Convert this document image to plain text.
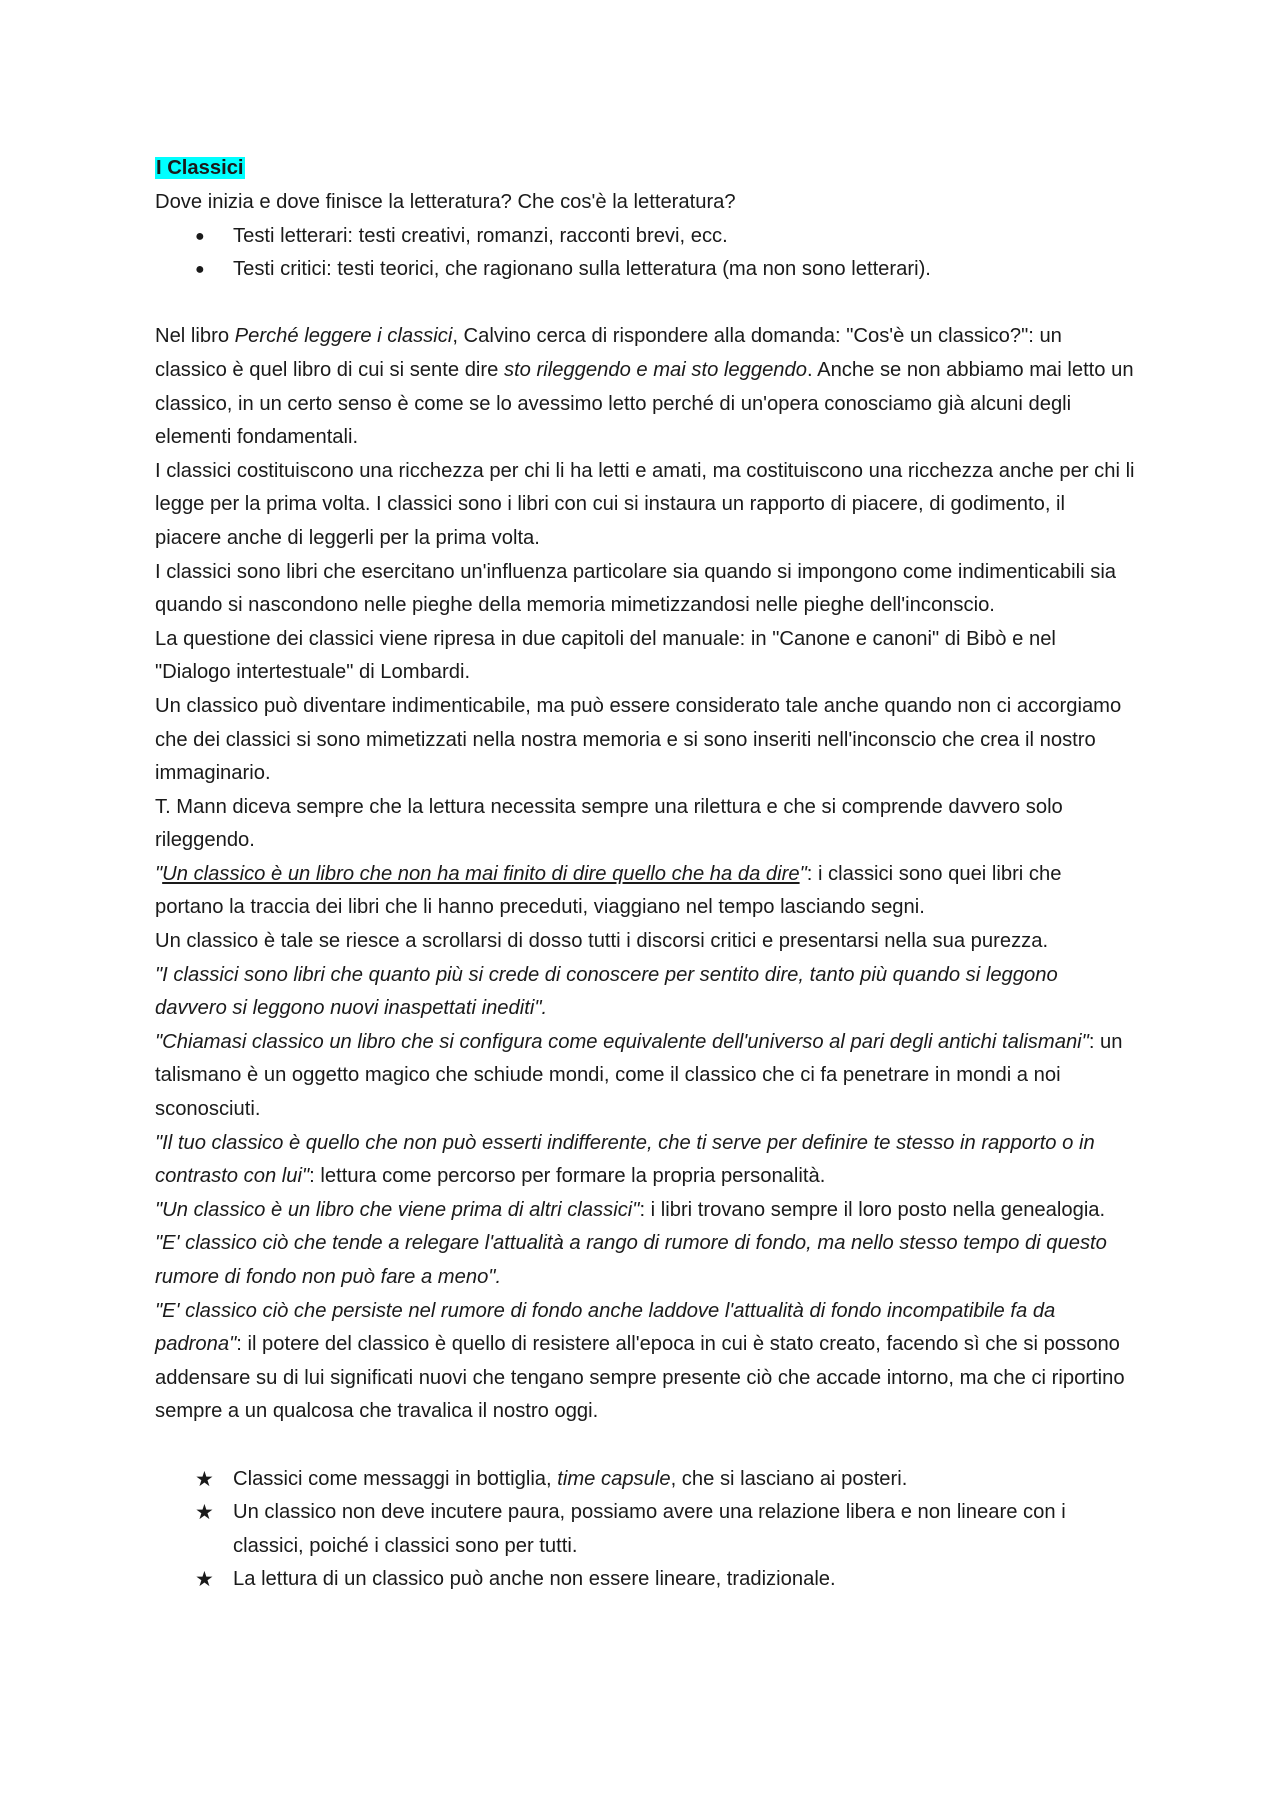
I Classici

Dove inizia e dove finisce la letteratura? Che cos'è la letteratura?

● Testi letterari: testi creativi, romanzi, racconti brevi, ecc.
● Testi critici: testi teorici, che ragionano sulla letteratura (ma non sono letterari).

Nel libro Perché leggere i classici, Calvino cerca di rispondere alla domanda: "Cos'è un classico?": un classico è quel libro di cui si sente dire sto rileggendo e mai sto leggendo. Anche se non abbiamo mai letto un classico, in un certo senso è come se lo avessimo letto perché di un'opera conosciamo già alcuni degli elementi fondamentali.

I classici costituiscono una ricchezza per chi li ha letti e amati, ma costituiscono una ricchezza anche per chi li legge per la prima volta. I classici sono i libri con cui si instaura un rapporto di piacere, di godimento, il piacere anche di leggerli per la prima volta.

I classici sono libri che esercitano un'influenza particolare sia quando si impongono come indimenticabili sia quando si nascondono nelle pieghe della memoria mimetizzandosi nelle pieghe dell'inconscio.

La questione dei classici viene ripresa in due capitoli del manuale: in "Canone e canoni" di Bibò e nel "Dialogo intertestuale" di Lombardi.

Un classico può diventare indimenticabile, ma può essere considerato tale anche quando non ci accorgiamo che dei classici si sono mimetizzati nella nostra memoria e si sono inseriti nell'inconscio che crea il nostro immaginario.

T. Mann diceva sempre che la lettura necessita sempre una rilettura e che si comprende davvero solo rileggendo.

"Un classico è un libro che non ha mai finito di dire quello che ha da dire": i classici sono quei libri che portano la traccia dei libri che li hanno preceduti, viaggiano nel tempo lasciando segni.

Un classico è tale se riesce a scrollarsi di dosso tutti i discorsi critici e presentarsi nella sua purezza.

"I classici sono libri che quanto più si crede di conoscere per sentito dire, tanto più quando si leggono davvero si leggono nuovi inaspettati inediti".

"Chiamasi classico un libro che si configura come equivalente dell'universo al pari degli antichi talismani": un talismano è un oggetto magico che schiude mondi, come il classico che ci fa penetrare in mondi a noi sconosciuti.

"Il tuo classico è quello che non può esserti indifferente, che ti serve per definire te stesso in rapporto o in contrasto con lui": lettura come percorso per formare la propria personalità.

"Un classico è un libro che viene prima di altri classici": i libri trovano sempre il loro posto nella genealogia.

"E' classico ciò che tende a relegare l'attualità a rango di rumore di fondo, ma nello stesso tempo di questo rumore di fondo non può fare a meno".

"E' classico ciò che persiste nel rumore di fondo anche laddove l'attualità di fondo incompatibile fa da padrona": il potere del classico è quello di resistere all'epoca in cui è stato creato, facendo sì che si possono addensare su di lui significati nuovi che tengano sempre presente ciò che accade intorno, ma che ci riportino sempre a un qualcosa che travalica il nostro oggi.

★ Classici come messaggi in bottiglia, time capsule, che si lasciano ai posteri.
★ Un classico non deve incutere paura, possiamo avere una relazione libera e non lineare con i classici, poiché i classici sono per tutti.
★ La lettura di un classico può anche non essere lineare, tradizionale.
